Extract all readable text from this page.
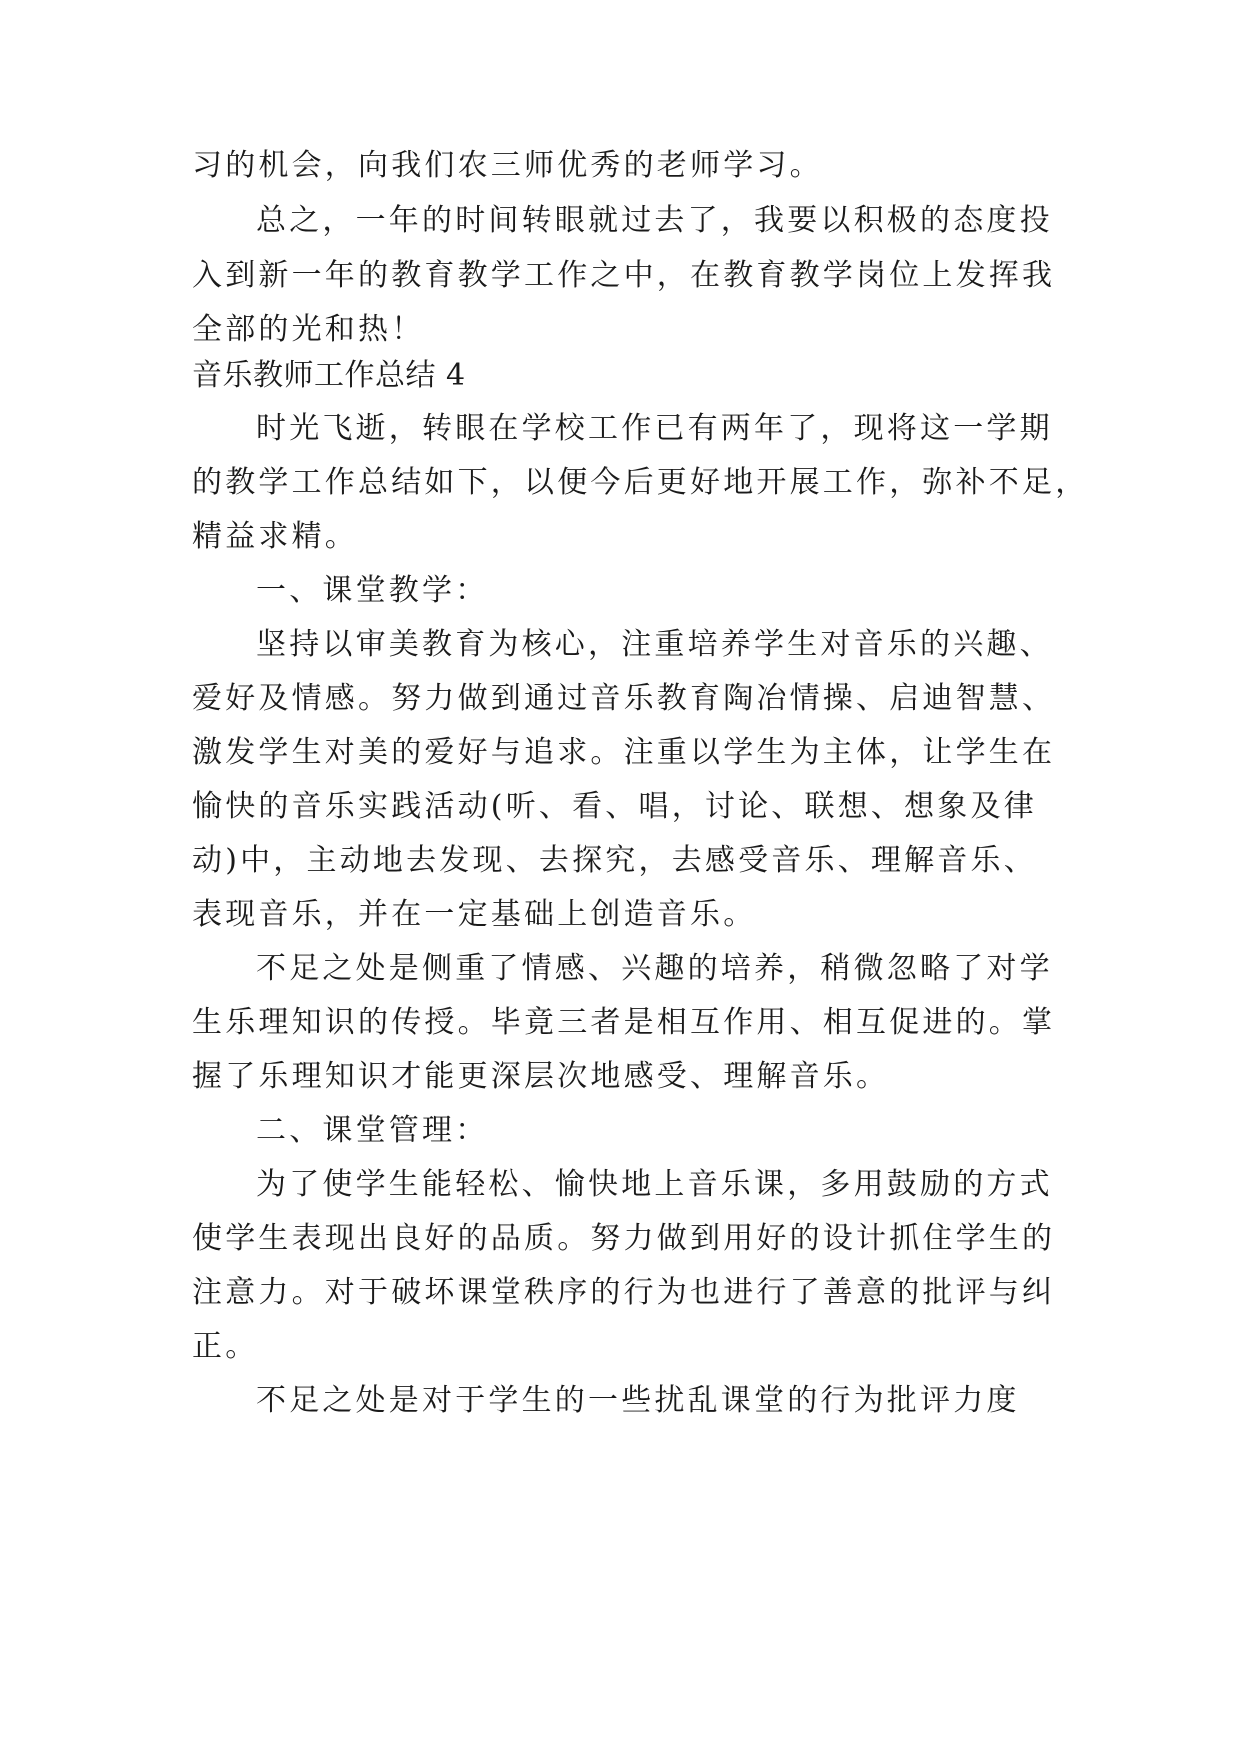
习的机会，向我们农三师优秀的老师学习。
总之，一年的时间转眼就过去了，我要以积极的态度投
入到新一年的教育教学工作之中，在教育教学岗位上发挥我
全部的光和热！
音乐教师工作总结 4
时光飞逝，转眼在学校工作已有两年了，现将这一学期
的教学工作总结如下，以便今后更好地开展工作，弥补不足，
精益求精。
一、课堂教学：
坚持以审美教育为核心，注重培养学生对音乐的兴趣、
爱好及情感。努力做到通过音乐教育陶冶情操、启迪智慧、
激发学生对美的爱好与追求。注重以学生为主体，让学生在
愉快的音乐实践活动(听、看、唱，讨论、联想、想象及律
动)中，主动地去发现、去探究，去感受音乐、理解音乐、
表现音乐，并在一定基础上创造音乐。
不足之处是侧重了情感、兴趣的培养，稍微忽略了对学
生乐理知识的传授。毕竟三者是相互作用、相互促进的。掌
握了乐理知识才能更深层次地感受、理解音乐。
二、课堂管理：
为了使学生能轻松、愉快地上音乐课，多用鼓励的方式
使学生表现出良好的品质。努力做到用好的设计抓住学生的
注意力。对于破坏课堂秩序的行为也进行了善意的批评与纠
正。
不足之处是对于学生的一些扰乱课堂的行为批评力度
